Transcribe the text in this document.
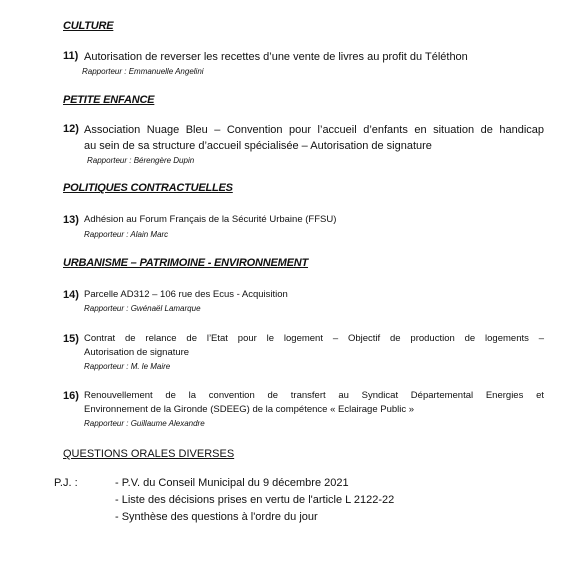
CULTURE
11) Autorisation de reverser les recettes d’une vente de livres au profit du Téléthon
Rapporteur : Emmanuelle Angelini
PETITE ENFANCE
12) Association Nuage Bleu – Convention pour l’accueil d’enfants en situation de handicap
au sein de sa structure d’accueil spécialisée – Autorisation de signature
Rapporteur : Bérengère Dupin
POLITIQUES CONTRACTUELLES
13) Adhésion au Forum Français de la Sécurité Urbaine (FFSU)
Rapporteur : Alain Marc
URBANISME – PATRIMOINE - ENVIRONNEMENT
14) Parcelle AD312 – 106 rue des Ecus - Acquisition
Rapporteur : Gwénaël Lamarque
15) Contrat de relance de l’Etat pour le logement – Objectif de production de logements –
Autorisation de signature
Rapporteur : M. le Maire
16) Renouvellement de la convention de transfert au Syndicat Départemental Energies et
Environnement de la Gironde (SDEEG) de la compétence « Eclairage Public »
Rapporteur : Guillaume Alexandre
QUESTIONS ORALES DIVERSES
P.J. :	- P.V. du Conseil Municipal du 9 décembre 2021
- Liste des décisions prises en vertu de l'article L 2122-22
- Synthèse des questions à l'ordre du jour
